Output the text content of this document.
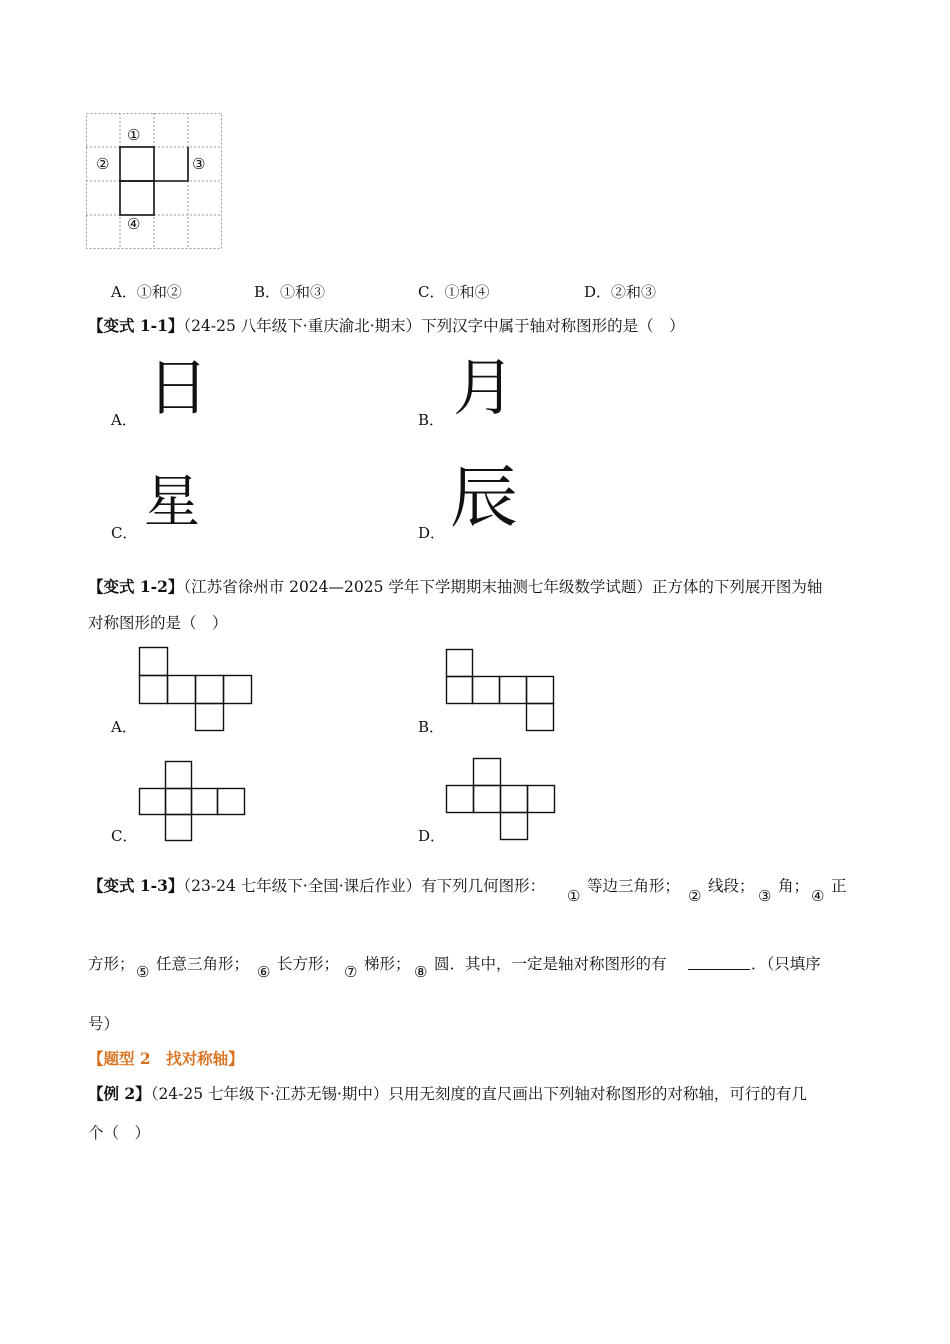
①
②	③
④
A．①和②	B．①和③	C．①和④	D．②和③
【变式 1-1】（24-25 八年级下·重庆渝北·期末）下列汉字中属于轴对称图形的是（　）
A． 日	B． 月
C． 星	D． 辰
【变式 1-2】（江苏省徐州市 2024—2025 学年下学期期末抽测七年级数学试题）正方体的下列展开图为轴
对称图形的是（　）
A．	B．
C．	D．
【变式 1-3】（23-24 七年级下·全国·课后作业）有下列几何图形：
①
等边三角形；
②
线段；
③
角；
④
正
方形； ⑤ 任意三角形； ⑥ 长方形； ⑦ 梯形； ⑧ 圆．其中，一定是轴对称图形的有	．（只填序
号）
【题型 2　找对称轴】
【例 2】（24-25 七年级下·江苏无锡·期中）只用无刻度的直尺画出下列轴对称图形的对称轴，可行的有几
个（　）
